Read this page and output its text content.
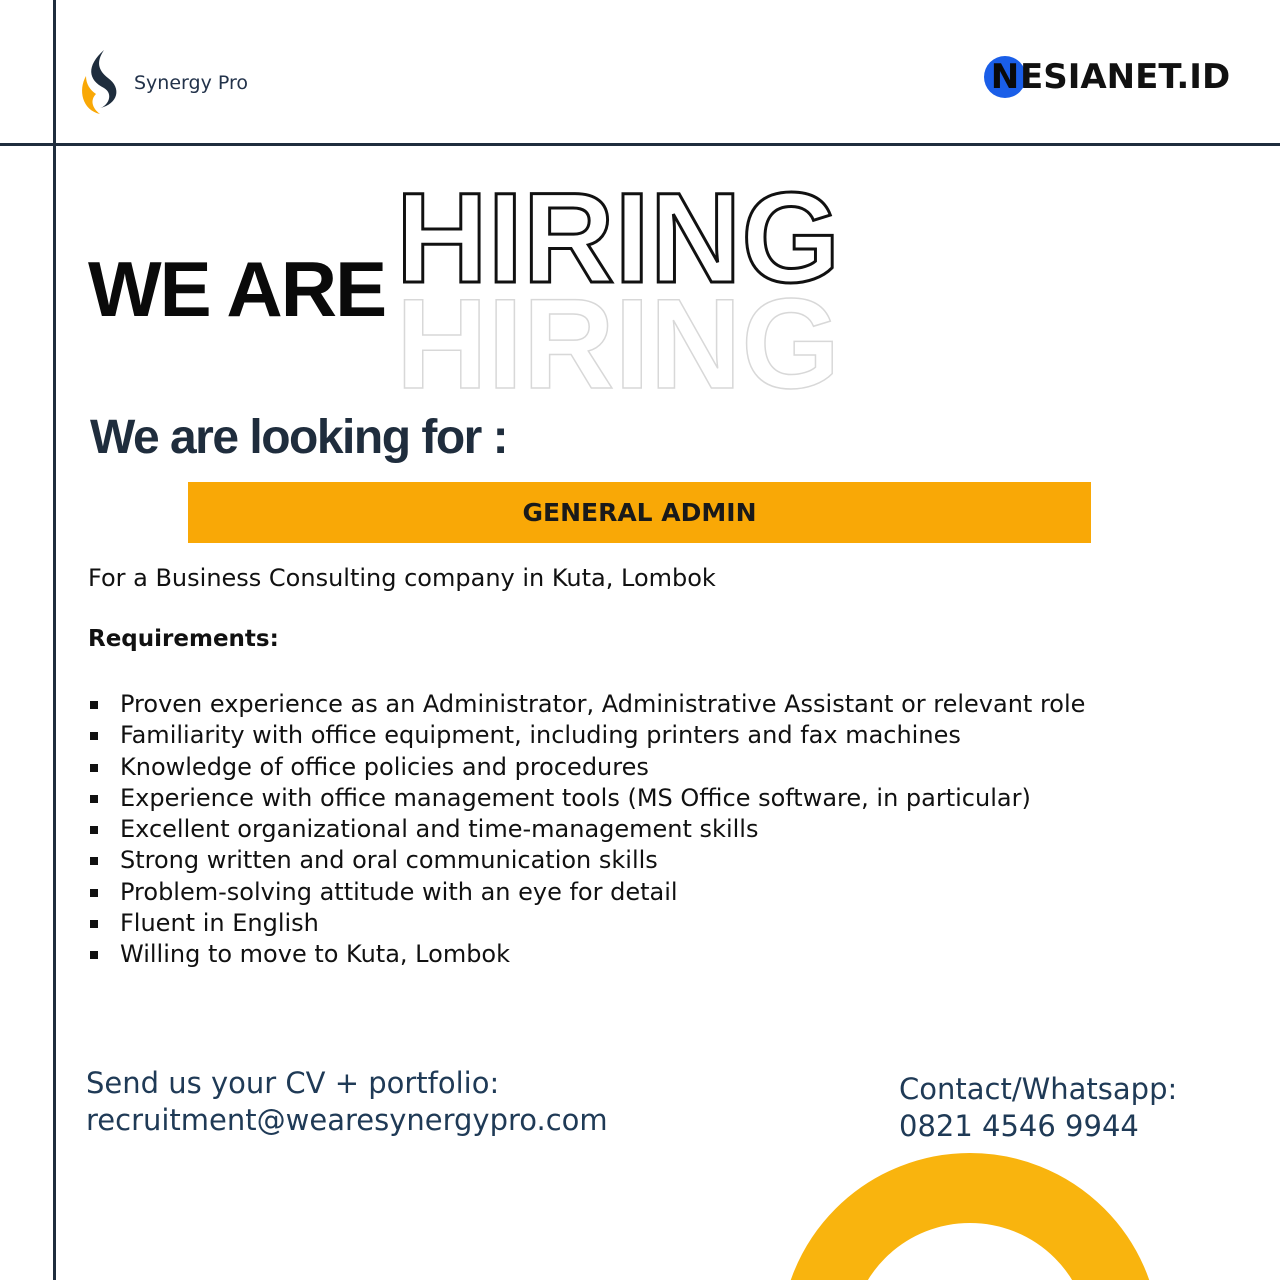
Synergy Pro	N ESIANET.ID
WE ARE HIRING
HIRING
We are looking for :
GENERAL ADMIN
For a Business Consulting company in Kuta, Lombok
Requirements:
Proven experience as an Administrator, Administrative Assistant or relevant role
Familiarity with office equipment, including printers and fax machines
Knowledge of office policies and procedures
Experience with office management tools (MS Office software, in particular)
Excellent organizational and time-management skills
Strong written and oral communication skills
Problem-solving attitude with an eye for detail
Fluent in English
Willing to move to Kuta, Lombok
Send us your CV + portfolio:
recruitment@wearesynergypro.com
Contact/Whatsapp:
0821 4546 9944
